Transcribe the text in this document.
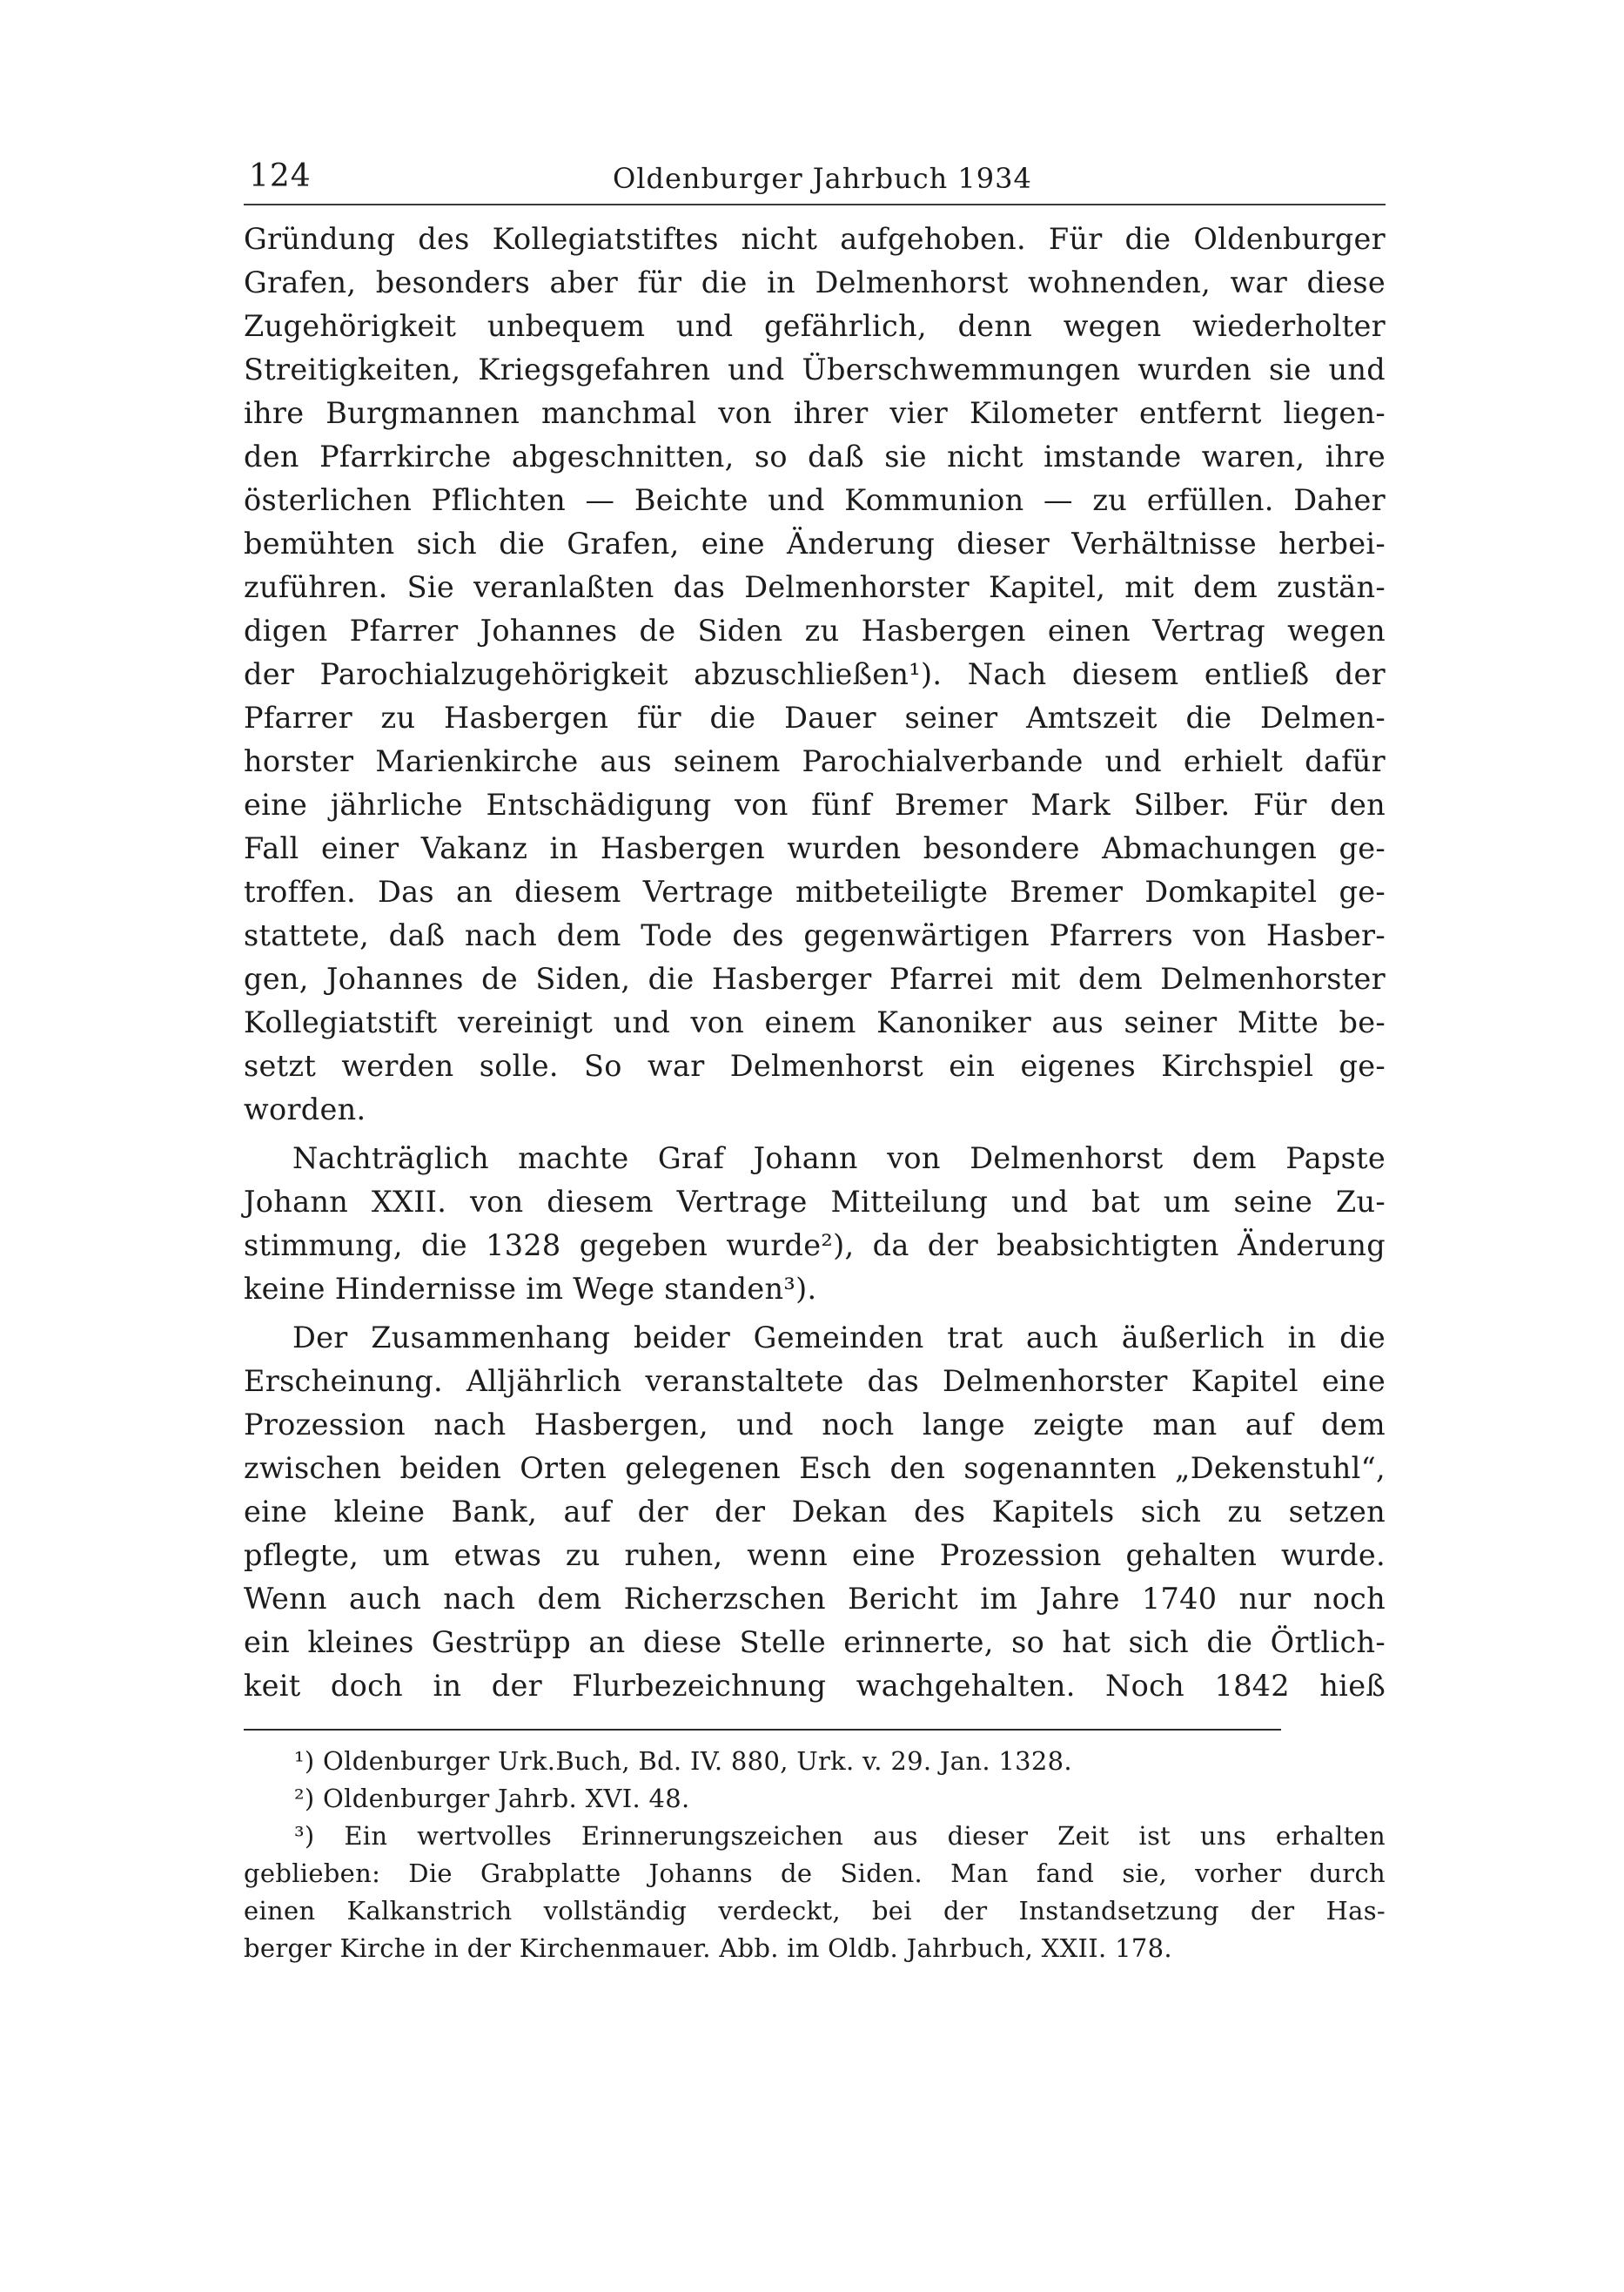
124	Oldenburger Jahrbuch 1934
Gründung des Kollegiatstiftes nicht aufgehoben. Für die Oldenburger
Grafen, besonders aber für die in Delmenhorst wohnenden, war diese
Zugehörigkeit unbequem und gefährlich, denn wegen wiederholter
Streitigkeiten, Kriegsgefahren und Überschwemmungen wurden sie und
ihre Burgmannen manchmal von ihrer vier Kilometer entfernt liegen-
den Pfarrkirche abgeschnitten, so daß sie nicht imstande waren, ihre
österlichen Pflichten — Beichte und Kommunion — zu erfüllen. Daher
bemühten sich die Grafen, eine Änderung dieser Verhältnisse herbei-
zuführen. Sie veranlaßten das Delmenhorster Kapitel, mit dem zustän-
digen Pfarrer Johannes de Siden zu Hasbergen einen Vertrag wegen
der Parochialzugehörigkeit abzuschließen¹). Nach diesem entließ der
Pfarrer zu Hasbergen für die Dauer seiner Amtszeit die Delmen-
horster Marienkirche aus seinem Parochialverbande und erhielt dafür
eine jährliche Entschädigung von fünf Bremer Mark Silber. Für den
Fall einer Vakanz in Hasbergen wurden besondere Abmachungen ge-
troffen. Das an diesem Vertrage mitbeteiligte Bremer Domkapitel ge-
stattete, daß nach dem Tode des gegenwärtigen Pfarrers von Hasber-
gen, Johannes de Siden, die Hasberger Pfarrei mit dem Delmenhorster
Kollegiatstift vereinigt und von einem Kanoniker aus seiner Mitte be-
setzt werden solle. So war Delmenhorst ein eigenes Kirchspiel ge-
worden.
Nachträglich machte Graf Johann von Delmenhorst dem Papste
Johann XXII. von diesem Vertrage Mitteilung und bat um seine Zu-
stimmung, die 1328 gegeben wurde²), da der beabsichtigten Änderung
keine Hindernisse im Wege standen³).
Der Zusammenhang beider Gemeinden trat auch äußerlich in die
Erscheinung. Alljährlich veranstaltete das Delmenhorster Kapitel eine
Prozession nach Hasbergen, und noch lange zeigte man auf dem
zwischen beiden Orten gelegenen Esch den sogenannten „Dekenstuhl“,
eine kleine Bank, auf der der Dekan des Kapitels sich zu setzen
pflegte, um etwas zu ruhen, wenn eine Prozession gehalten wurde.
Wenn auch nach dem Richerzschen Bericht im Jahre 1740 nur noch
ein kleines Gestrüpp an diese Stelle erinnerte, so hat sich die Örtlich-
keit doch in der Flurbezeichnung wachgehalten. Noch 1842 hieß
¹) Oldenburger Urk.Buch, Bd. IV. 880, Urk. v. 29. Jan. 1328.
²) Oldenburger Jahrb. XVI. 48.
³) Ein wertvolles Erinnerungszeichen aus dieser Zeit ist uns erhalten
geblieben: Die Grabplatte Johanns de Siden. Man fand sie, vorher durch
einen Kalkanstrich vollständig verdeckt, bei der Instandsetzung der Has-
berger Kirche in der Kirchenmauer. Abb. im Oldb. Jahrbuch, XXII. 178.
